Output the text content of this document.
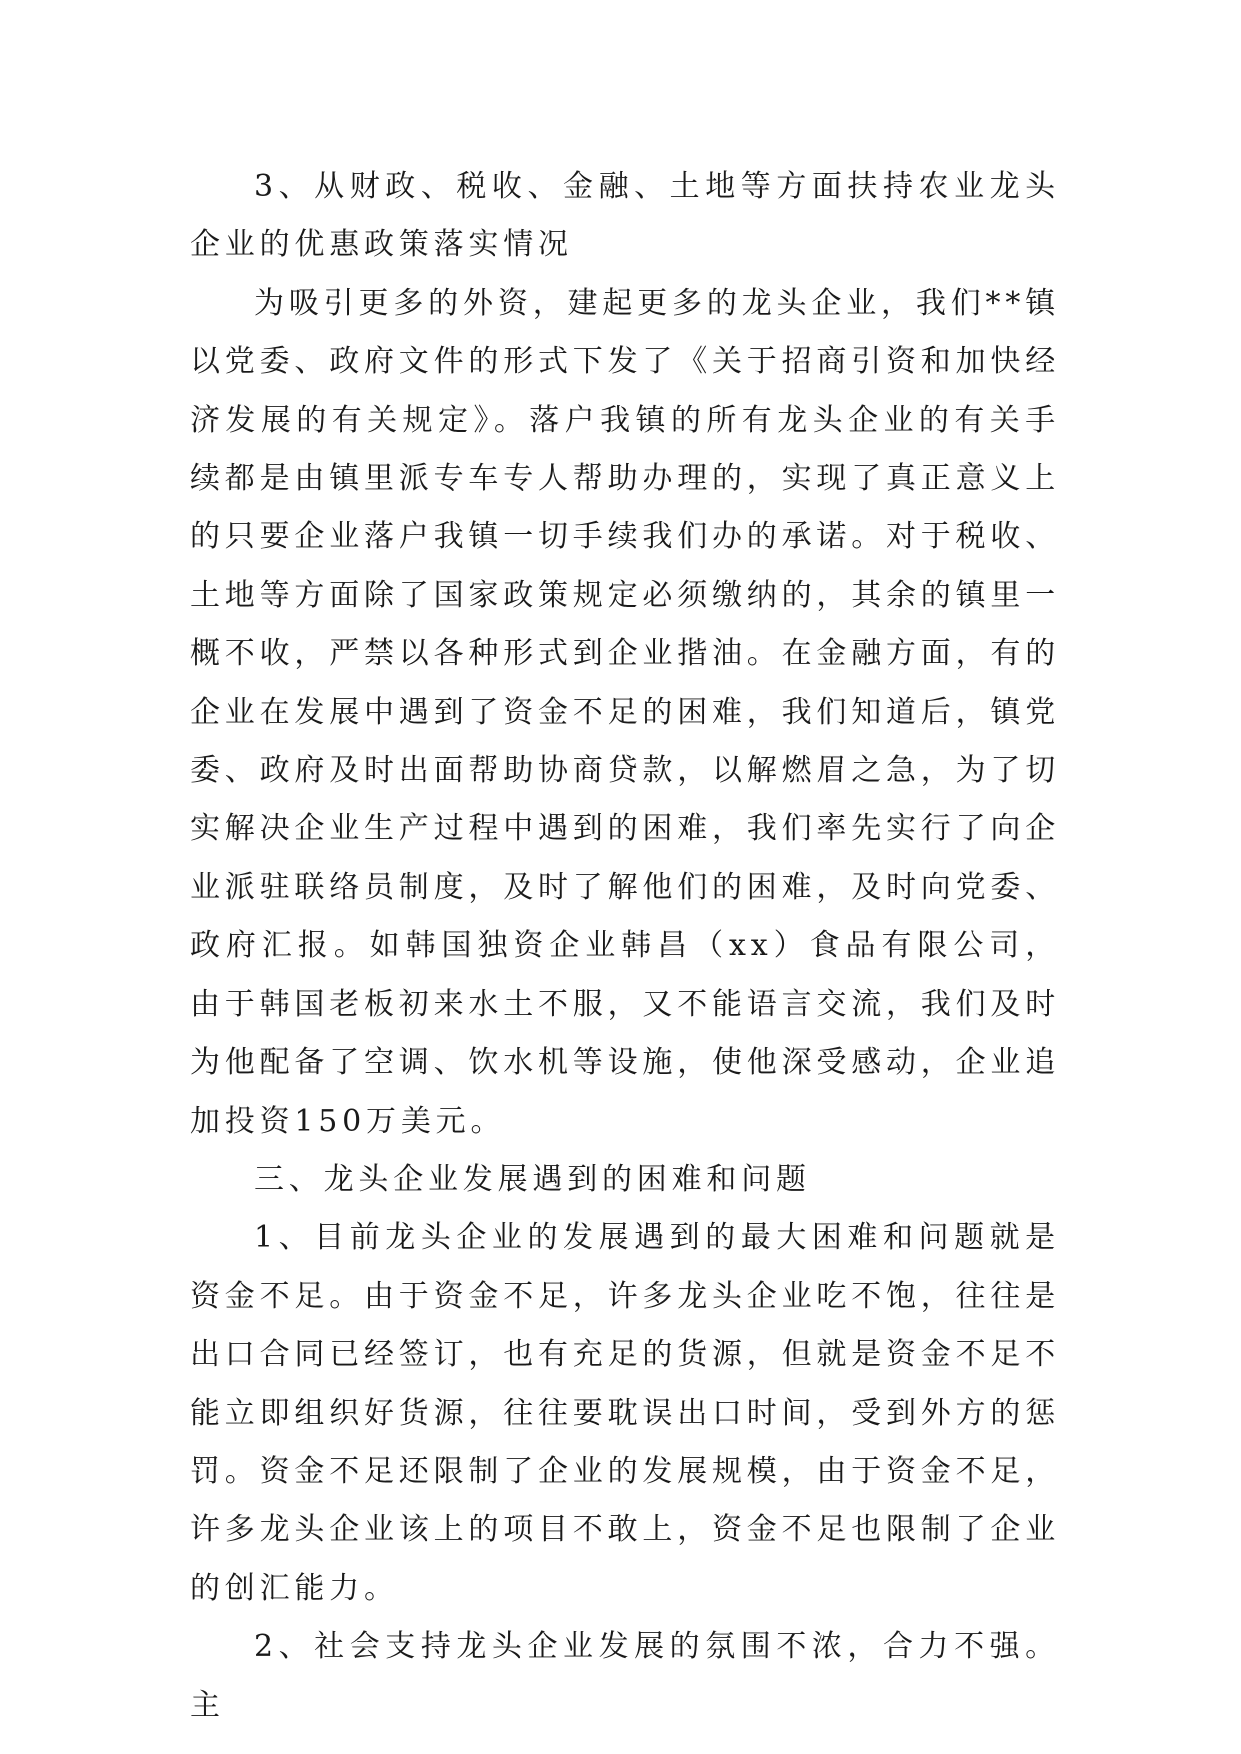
3、从财政、税收、金融、土地等方面扶持农业龙头企业的优惠政策落实情况

为吸引更多的外资，建起更多的龙头企业，我们**镇以党委、政府文件的形式下发了《关于招商引资和加快经济发展的有关规定》。落户我镇的所有龙头企业的有关手续都是由镇里派专车专人帮助办理的，实现了真正意义上的只要企业落户我镇一切手续我们办的承诺。对于税收、土地等方面除了国家政策规定必须缴纳的，其余的镇里一概不收，严禁以各种形式到企业揩油。在金融方面，有的企业在发展中遇到了资金不足的困难，我们知道后，镇党委、政府及时出面帮助协商贷款，以解燃眉之急，为了切实解决企业生产过程中遇到的困难，我们率先实行了向企业派驻联络员制度，及时了解他们的困难，及时向党委、政府汇报。如韩国独资企业韩昌（xx）食品有限公司，由于韩国老板初来水土不服，又不能语言交流，我们及时为他配备了空调、饮水机等设施，使他深受感动，企业追加投资150万美元。

三、龙头企业发展遇到的困难和问题

1、目前龙头企业的发展遇到的最大困难和问题就是资金不足。由于资金不足，许多龙头企业吃不饱，往往是出口合同已经签订，也有充足的货源，但就是资金不足不能立即组织好货源，往往要耽误出口时间，受到外方的惩罚。资金不足还限制了企业的发展规模，由于资金不足，许多龙头企业该上的项目不敢上，资金不足也限制了企业的创汇能力。

2、社会支持龙头企业发展的氛围不浓，合力不强。主
